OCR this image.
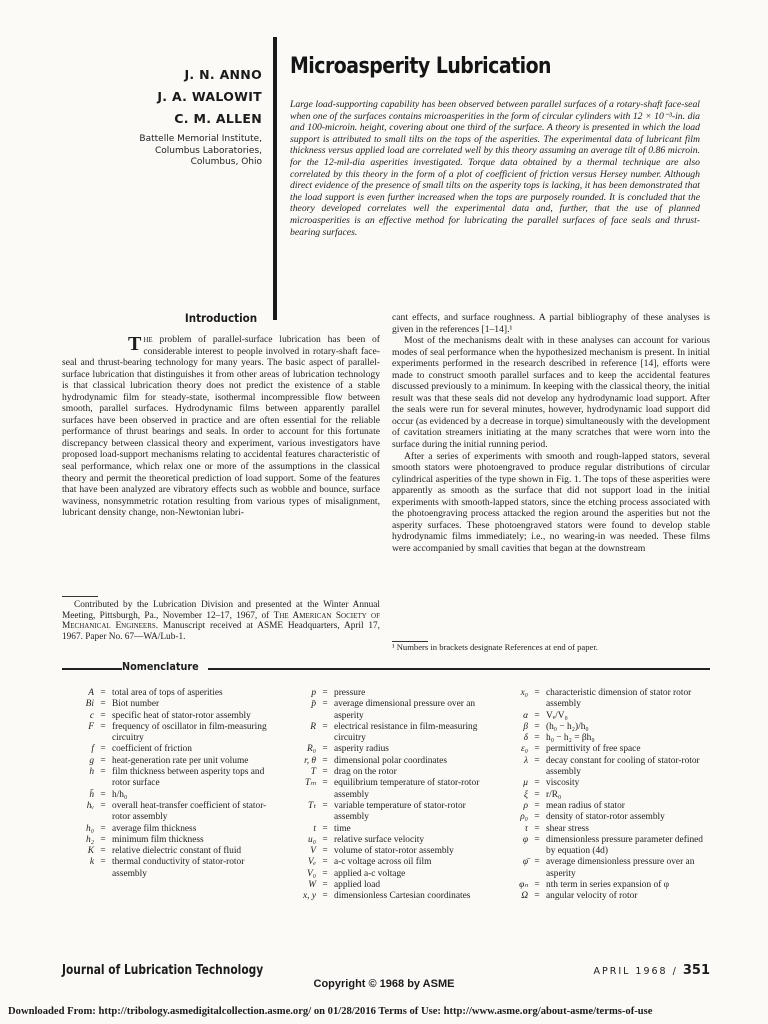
J. N. ANNO
J. A. WALOWIT
C. M. ALLEN
Battelle Memorial Institute,
Columbus Laboratories,
Columbus, Ohio
Microasperity Lubrication
Large load-supporting capability has been observed between parallel surfaces of a rotary-shaft face-seal when one of the surfaces contains microasperities in the form of circular cylinders with 12 × 10⁻³-in. dia and 100-microin. height, covering about one third of the surface. A theory is presented in which the load support is attributed to small tilts on the tops of the asperities. The experimental data of lubricant film thickness versus applied load are correlated well by this theory assuming an average tilt of 0.86 microin. for the 12-mil-dia asperities investigated. Torque data obtained by a thermal technique are also correlated by this theory in the form of a plot of coefficient of friction versus Hersey number. Although direct evidence of the presence of small tilts on the asperity tops is lacking, it has been demonstrated that the load support is even further increased when the tops are purposely rounded. It is concluded that the theory developed correlates well the experimental data and, further, that the use of planned microasperities is an effective method for lubricating the parallel surfaces of face seals and thrust-bearing surfaces.
Introduction

The problem of parallel-surface lubrication has been of considerable interest to people involved in rotary-shaft face-seal and thrust-bearing technology for many years. The basic aspect of parallel-surface lubrication that distinguishes it from other areas of lubrication technology is that classical lubrication theory does not predict the existence of a stable hydrodynamic film for steady-state, isothermal incompressible flow between smooth, parallel surfaces. Hydrodynamic films between apparently parallel surfaces have been observed in practice and are often essential for the reliable performance of thrust bearings and seals. In order to account for this fortunate discrepancy between classical theory and experiment, various investigators have proposed load-support mechanisms relating to accidental features characteristic of seal performance, which relax one or more of the assumptions in the classical theory and permit the theoretical prediction of load support. Some of the features that have been analyzed are vibratory effects such as wobble and bounce, surface waviness, nonsymmetric rotation resulting from various types of misalignment, lubricant density change, non-Newtonian lubri-

Contributed by the Lubrication Division and presented at the Winter Annual Meeting, Pittsburgh, Pa., November 12–17, 1967, of The American Society of Mechanical Engineers. Manuscript received at ASME Headquarters, April 17, 1967. Paper No. 67—WA/Lub-1.

cant effects, and surface roughness. A partial bibliography of these analyses is given in the references [1–14].¹

Most of the mechanisms dealt with in these analyses can account for various modes of seal performance when the hypothesized mechanism is present. In initial experiments performed in the research described in reference [14], efforts were made to construct smooth parallel surfaces and to keep the accidental features discussed previously to a minimum. In keeping with the classical theory, the initial result was that these seals did not develop any hydrodynamic load support. After the seals were run for several minutes, however, hydrodynamic load support did occur (as evidenced by a decrease in torque) simultaneously with the development of cavitation streamers initiating at the many scratches that were worn into the surface during the initial running period.

After a series of experiments with smooth and rough-lapped stators, several smooth stators were photoengraved to produce regular distributions of circular cylindrical asperities of the type shown in Fig. 1. The tops of these asperities were apparently as smooth as the surface that did not support load in the initial experiments with smooth-lapped stators, since the etching process associated with the photoengraving process attacked the region around the asperities but not the asperity surfaces. These photoengraved stators were found to develop stable hydrodynamic films immediately; i.e., no wearing-in was needed. These films were accompanied by small cavities that began at the downstream

¹ Numbers in brackets designate References at end of paper.
Nomenclature
A = total area of tops of asperities
Bi = Biot number
c = specific heat of stator-rotor assembly
F = frequency of oscillator in film-measuring circuitry
f = coefficient of friction
g = heat-generation rate per unit volume
h = film thickness between asperity tops and rotor surface
h̄ = h/h₀
hᵥ = overall heat-transfer coefficient of stator-rotor assembly
h₀ = average film thickness
h₂ = minimum film thickness
K = relative dielectric constant of fluid
k = thermal conductivity of stator-rotor assembly
p = pressure
p̄ = average dimensional pressure over an asperity
R = electrical resistance in film-measuring circuitry
R₀ = asperity radius
r, θ = dimensional polar coordinates
T = drag on the rotor
Tₘ = equilibrium temperature of stator-rotor assembly
Tₜ = variable temperature of stator-rotor assembly
t = time
u₀ = relative surface velocity
V = volume of stator-rotor assembly
Vₑ = a-c voltage across oil film
V₀ = applied a-c voltage
W = applied load
x, y = dimensionless Cartesian coordinates
x₀ = characteristic dimension of stator rotor assembly
α = Vₑ/V₀
β = (h₀ − h₂)/h₀
δ = h₀ − h₂ = βh₀
ε₀ = permittivity of free space
λ = decay constant for cooling of stator-rotor assembly
μ = viscosity
ξ = r/R₀
ρ = mean radius of stator
ρ₀ = density of stator-rotor assembly
τ = shear stress
φ = dimensionless pressure parameter defined by equation (4d)
φ̄ = average dimensionless pressure over an asperity
φₙ = nth term in series expansion of φ
Ω = angular velocity of rotor
Journal of Lubrication Technology
Copyright © 1968 by ASME
APRIL 1968 / 351
Downloaded From: http://tribology.asmedigitalcollection.asme.org/ on 01/28/2016 Terms of Use: http://www.asme.org/about-asme/terms-of-use
